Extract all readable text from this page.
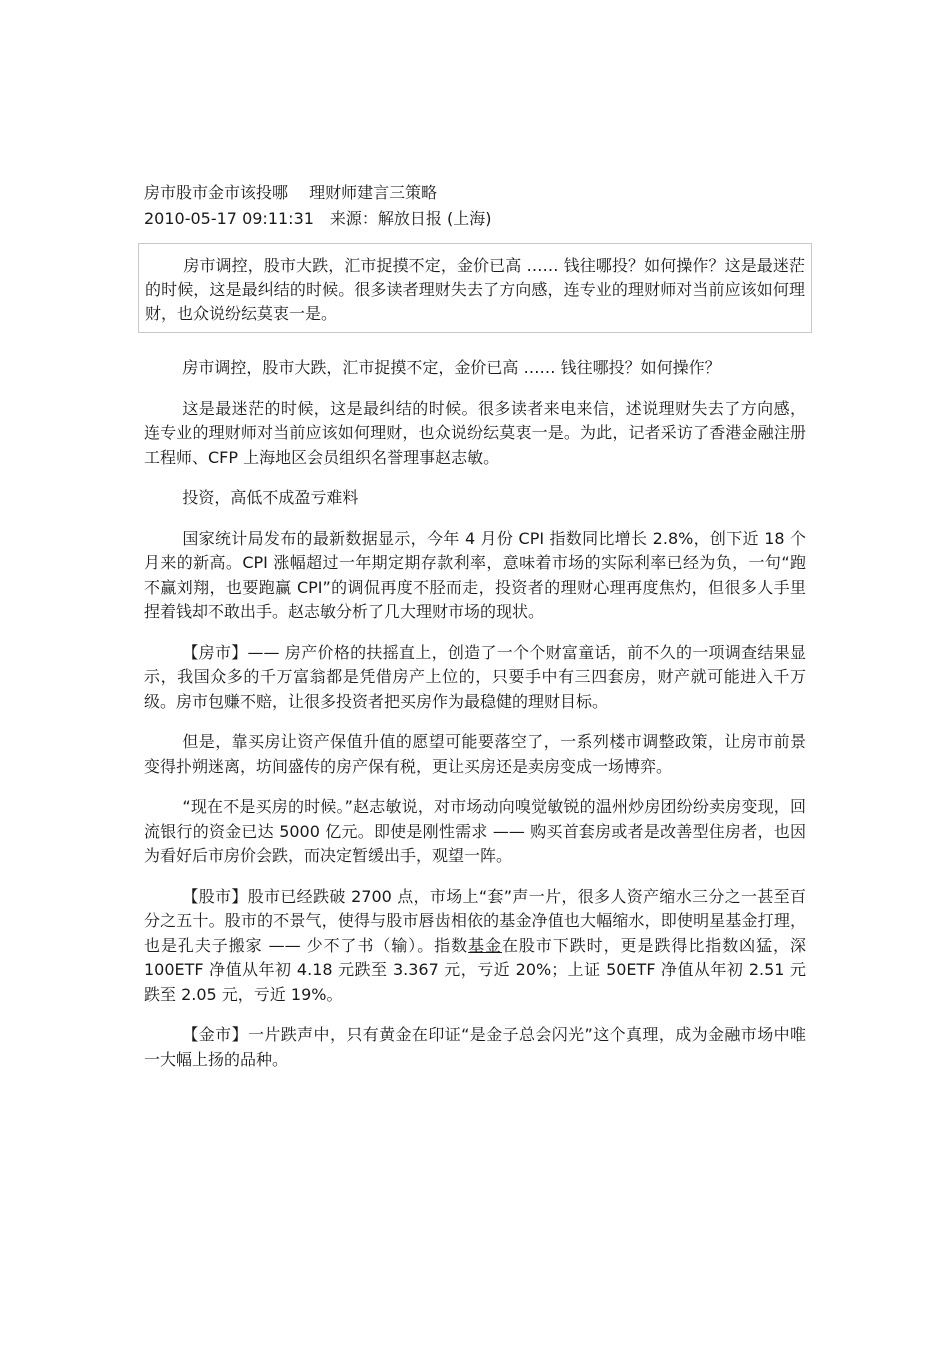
房市股市金市该投哪　 理财师建言三策略
2010-05-17 09:11:31　来源：解放日报 (上海)

房市调控，股市大跌，汇市捉摸不定，金价已高 …… 钱往哪投？如何操作？这是最迷茫的时候，这是最纠结的时候。很多读者理财失去了方向感，连专业的理财师对当前应该如何理财，也众说纷纭莫衷一是。

房市调控，股市大跌，汇市捉摸不定，金价已高 …… 钱往哪投？如何操作？

这是最迷茫的时候，这是最纠结的时候。很多读者来电来信，述说理财失去了方向感，连专业的理财师对当前应该如何理财，也众说纷纭莫衷一是。为此，记者采访了香港金融注册工程师、CFP 上海地区会员组织名誉理事赵志敏。

投资，高低不成盈亏难料

国家统计局发布的最新数据显示，今年 4 月份 CPI 指数同比增长 2.8%，创下近 18 个月来的新高。CPI 涨幅超过一年期定期存款利率，意味着市场的实际利率已经为负，一句“跑不赢刘翔，也要跑赢 CPI”的调侃再度不胫而走，投资者的理财心理再度焦灼，但很多人手里捏着钱却不敢出手。赵志敏分析了几大理财市场的现状。

【房市】—— 房产价格的扶摇直上，创造了一个个财富童话，前不久的一项调查结果显示，我国众多的千万富翁都是凭借房产上位的，只要手中有三四套房，财产就可能进入千万级。房市包赚不赔，让很多投资者把买房作为最稳健的理财目标。

但是，靠买房让资产保值升值的愿望可能要落空了，一系列楼市调整政策，让房市前景变得扑朔迷离，坊间盛传的房产保有税，更让买房还是卖房变成一场博弈。

“现在不是买房的时候。”赵志敏说，对市场动向嗅觉敏锐的温州炒房团纷纷卖房变现，回流银行的资金已达 5000 亿元。即使是刚性需求 —— 购买首套房或者是改善型住房者，也因为看好后市房价会跌，而决定暂缓出手，观望一阵。

【股市】股市已经跌破 2700 点，市场上“套”声一片，很多人资产缩水三分之一甚至百分之五十。股市的不景气，使得与股市唇齿相依的基金净值也大幅缩水，即使明星基金打理，也是孔夫子搬家 —— 少不了书（输）。指数基金在股市下跌时，更是跌得比指数凶猛，深 100ETF 净值从年初 4.18 元跌至 3.367 元，亏近 20%；上证 50ETF 净值从年初 2.51 元跌至 2.05 元，亏近 19%。

【金市】一片跌声中，只有黄金在印证“是金子总会闪光”这个真理，成为金融市场中唯一大幅上扬的品种。
